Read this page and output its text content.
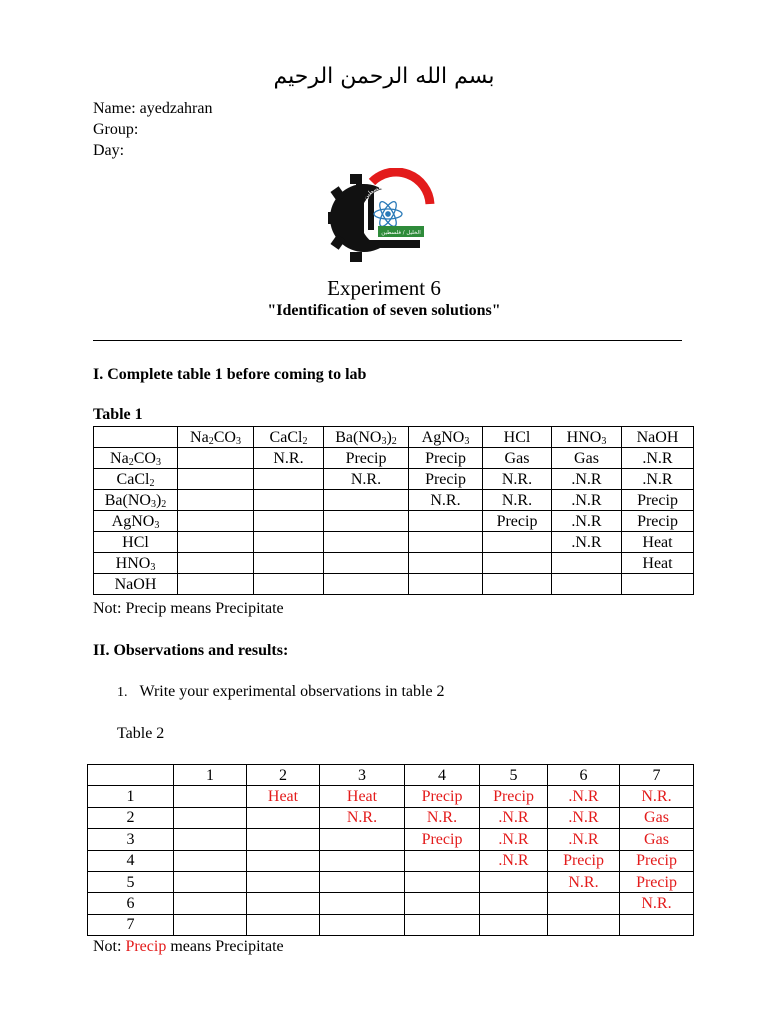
بسم الله الرحمن الرحيم
Name: ayedzahran
Group:
Day:
جامعة بوليتكنك فلسطين
الخليل / فلسطين
Experiment 6
"Identification of seven solutions"
I. Complete table 1 before coming to lab
Table 1
	$Na_2CO_3$	CaCl$_2$	$Ba(NO_3)_2$	AgNO$_3$	HCl	$HNO_3$	NaOH
$Na_2CO_3$		N.R.	Precip	Precip	Gas	Gas	.N.R
CaCl$_2$			N.R.	Precip	N.R.	.N.R	.N.R
$Ba(NO_3)_2$				N.R.	N.R.	.N.R	Precip
AgNO$_3$					Precip	.N.R	Precip
HCl						.N.R	Heat
$HNO_3$							Heat
NaOH							
Not: Precip means Precipitate
II. Observations and results:
1. Write your experimental observations in table 2
Table 2
	1	2	3	4	5	6	7
1		Heat	Heat	Precip	Precip	.N.R	N.R.
2			N.R.	N.R.	.N.R	.N.R	Gas
3				Precip	.N.R	.N.R	Gas
4					.N.R	Precip	Precip
5						N.R.	Precip
6							N.R.
7							
Not: Precip means Precipitate
